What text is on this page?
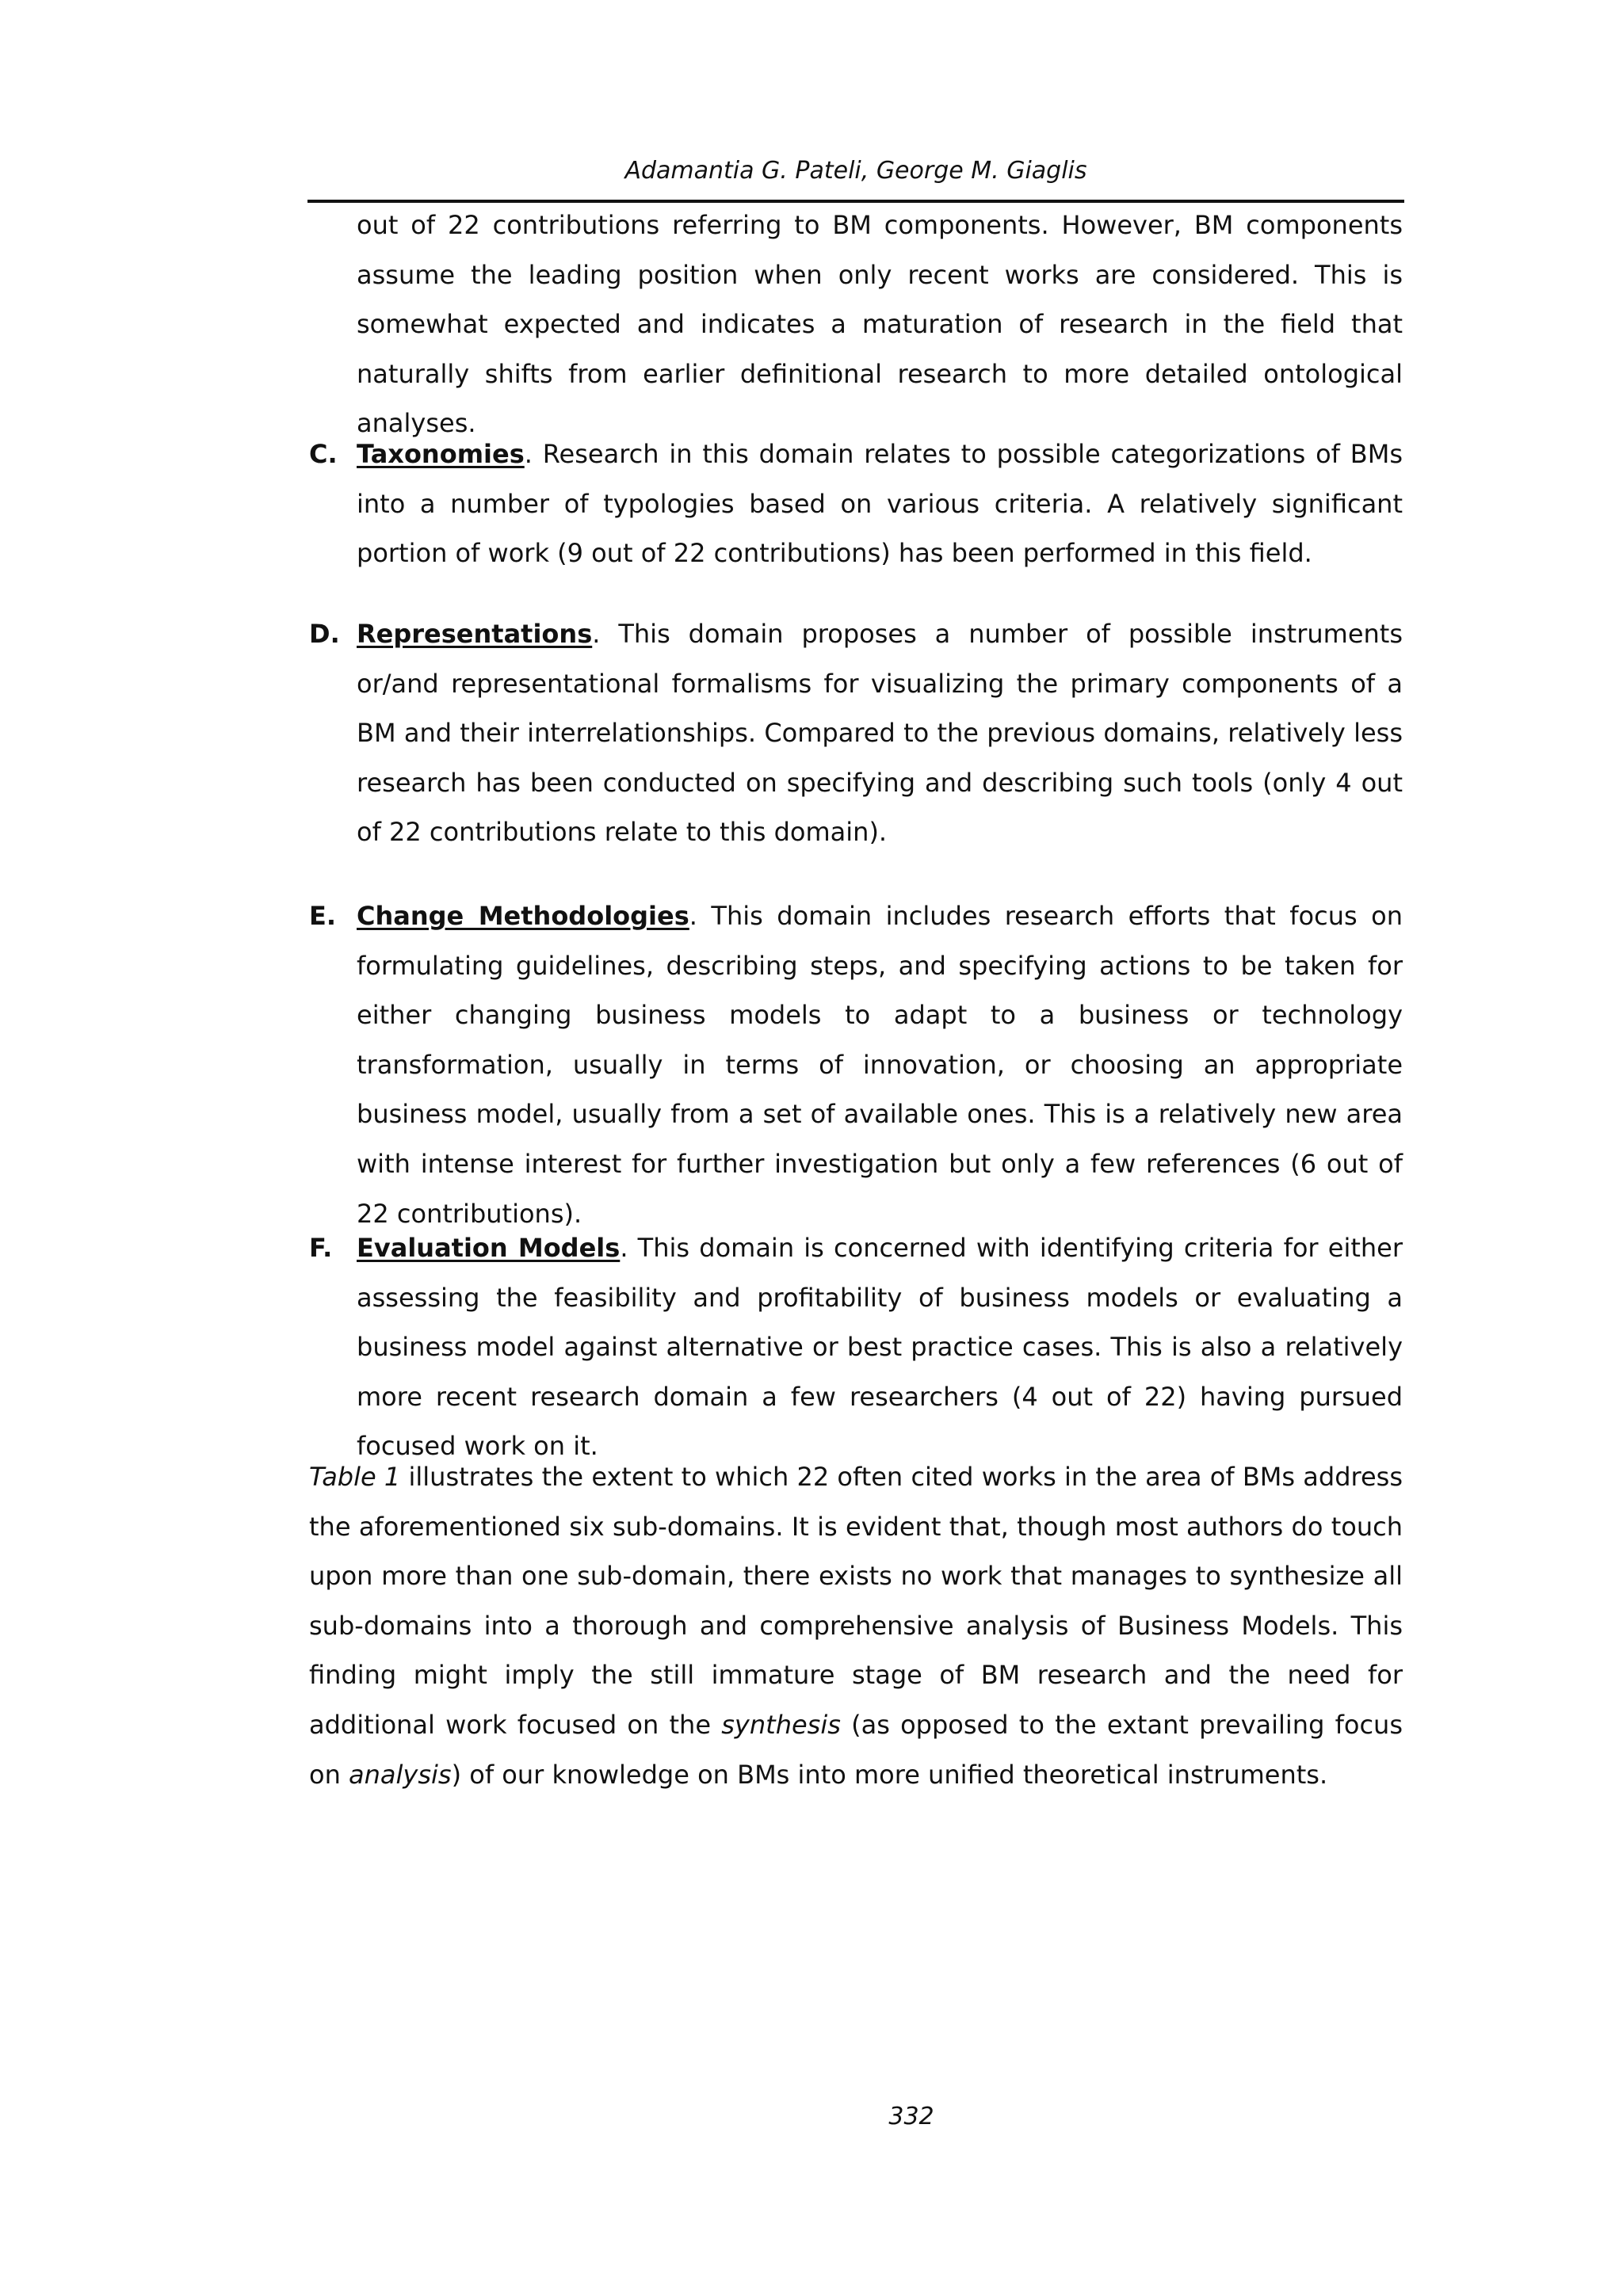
Adamantia G. Pateli, George M. Giaglis
out of 22 contributions referring to BM components. However, BM components assume the leading position when only recent works are considered. This is somewhat expected and indicates a maturation of research in the field that naturally shifts from earlier definitional research to more detailed ontological analyses.
C. Taxonomies. Research in this domain relates to possible categorizations of BMs into a number of typologies based on various criteria. A relatively significant portion of work (9 out of 22 contributions) has been performed in this field.
D. Representations. This domain proposes a number of possible instruments or/and representational formalisms for visualizing the primary components of a BM and their interrelationships. Compared to the previous domains, relatively less research has been conducted on specifying and describing such tools (only 4 out of 22 contributions relate to this domain).
E. Change Methodologies. This domain includes research efforts that focus on formulating guidelines, describing steps, and specifying actions to be taken for either changing business models to adapt to a business or technology transformation, usually in terms of innovation, or choosing an appropriate business model, usually from a set of available ones. This is a relatively new area with intense interest for further investigation but only a few references (6 out of 22 contributions).
F. Evaluation Models. This domain is concerned with identifying criteria for either assessing the feasibility and profitability of business models or evaluating a business model against alternative or best practice cases. This is also a relatively more recent research domain a few researchers (4 out of 22) having pursued focused work on it.
Table 1 illustrates the extent to which 22 often cited works in the area of BMs address the aforementioned six sub-domains. It is evident that, though most authors do touch upon more than one sub-domain, there exists no work that manages to synthesize all sub-domains into a thorough and comprehensive analysis of Business Models. This finding might imply the still immature stage of BM research and the need for additional work focused on the synthesis (as opposed to the extant prevailing focus on analysis) of our knowledge on BMs into more unified theoretical instruments.
332
